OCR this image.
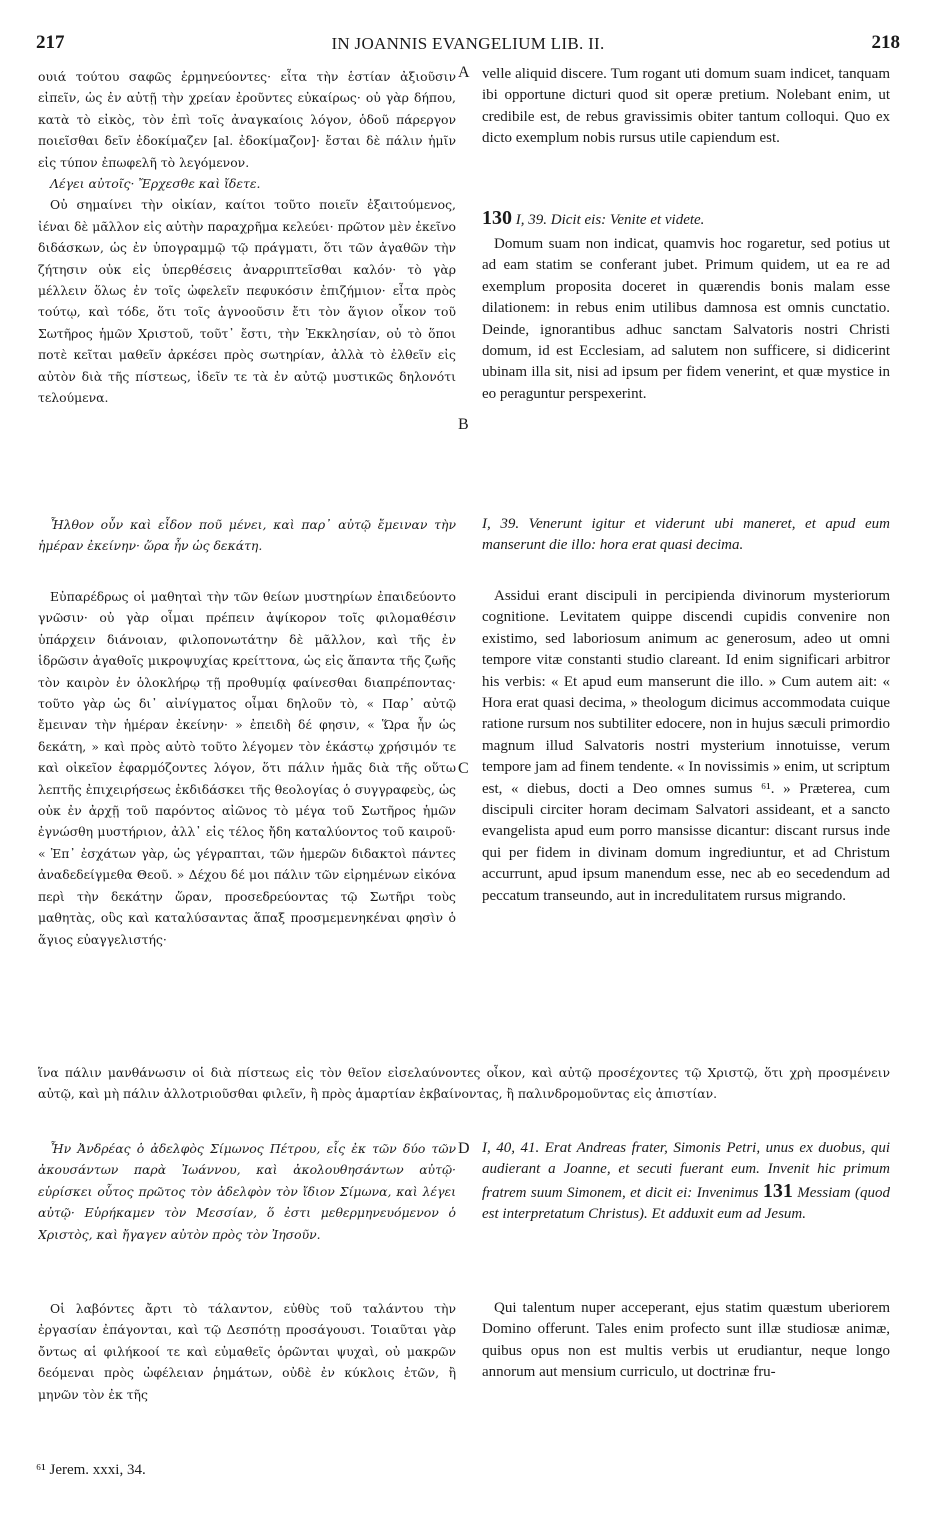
217	IN JOANNIS EVANGELIUM LIB. II.	218
A
B
C
D

ουιά τούτου σαφῶς ἑρμηνεύοντες· εἶτα τὴν ἑστίαν ἀξιοῦσιν εἰπεῖν, ὡς ἐν αὐτῇ τὴν χρείαν ἐροῦντες εὐκαίρως· οὐ γὰρ δήπου, κατὰ τὸ εἰκὸς, τὸν ἐπὶ τοῖς ἀναγκαίοις λόγον, ὁδοῦ πάρεργον ποιεῖσθαι δεῖν ἐδοκίμαζεν [al. ἐδοκίμαζον]· ἔσται δὲ πάλιν ἡμῖν εἰς τύπον ἐπωφελῆ τὸ λεγόμενον.

Λέγει αὐτοῖς· Ἔρχεσθε καὶ ἴδετε.

Οὐ σημαίνει τὴν οἰκίαν, καίτοι τοῦτο ποιεῖν ἐξαιτούμενος, ἰέναι δὲ μᾶλλον εἰς αὐτὴν παραχρῆμα κελεύει· πρῶτον μὲν ἐκεῖνο διδάσκων, ὡς ἐν ὑπογραμμῷ τῷ πράγματι, ὅτι τῶν ἀγαθῶν τὴν ζήτησιν οὐκ εἰς ὑπερθέσεις ἀναρριπτεῖσθαι καλόν· τὸ γὰρ μέλλειν ὅλως ἐν τοῖς ὠφελεῖν πεφυκόσιν ἐπιζήμιον· εἶτα πρὸς τούτῳ, καὶ τόδε, ὅτι τοῖς ἀγνοοῦσιν ἔτι τὸν ἅγιον οἶκον τοῦ Σωτῆρος ἡμῶν Χριστοῦ, τοῦτ᾽ ἔστι, τὴν Ἐκκλησίαν, οὐ τὸ ὅποι ποτὲ κεῖται μαθεῖν ἀρκέσει πρὸς σωτηρίαν, ἀλλὰ τὸ ἐλθεῖν εἰς αὐτὸν διὰ τῆς πίστεως, ἰδεῖν τε τὰ ἐν αὐτῷ μυστικῶς δηλονότι τελούμενα.

Ἦλθον οὖν καὶ εἶδον ποῦ μένει, καὶ παρ᾽ αὐτῷ ἔμειναν τὴν ἡμέραν ἐκείνην· ὥρα ἦν ὡς δεκάτη.

Εὐπαρέδρως οἱ μαθηταὶ τὴν τῶν θείων μυστηρίων ἐπαιδεύοντο γνῶσιν· οὐ γὰρ οἶμαι πρέπειν ἀψίκορον τοῖς φιλομαθέσιν ὑπάρχειν διάνοιαν, φιλοπονωτάτην δὲ μᾶλλον, καὶ τῆς ἐν ἱδρῶσιν ἀγαθοῖς μικροψυχίας κρείττονα, ὡς εἰς ἅπαντα τῆς ζωῆς τὸν καιρὸν ἐν ὁλοκλήρῳ τῇ προθυμίᾳ φαίνεσθαι διαπρέποντας· τοῦτο γὰρ ὡς δι᾽ αἰνίγματος οἶμαι δηλοῦν τὸ, « Παρ᾽ αὐτῷ ἔμειναν τὴν ἡμέραν ἐκείνην· » ἐπειδὴ δέ φησιν, « Ὥρα ἦν ὡς δεκάτη, » καὶ πρὸς αὐτὸ τοῦτο λέγομεν τὸν ἑκάστῳ χρήσιμόν τε καὶ οἰκεῖον ἐφαρμόζοντες λόγον, ὅτι πάλιν ἡμᾶς διὰ τῆς οὕτω λεπτῆς ἐπιχειρήσεως ἐκδιδάσκει τῆς θεολογίας ὁ συγγραφεὺς, ὡς οὐκ ἐν ἀρχῇ τοῦ παρόντος αἰῶνος τὸ μέγα τοῦ Σωτῆρος ἡμῶν ἐγνώσθη μυστήριον, ἀλλ᾽ εἰς τέλος ἤδη καταλύοντος τοῦ καιροῦ· « Ἐπ᾽ ἐσχάτων γὰρ, ὡς γέγραπται, τῶν ἡμερῶν διδακτοὶ πάντες ἀναδεδείγμεθα Θεοῦ. » Δέχου δέ μοι πάλιν τῶν εἰρημένων εἰκόνα περὶ τὴν δεκάτην ὥραν, προσεδρεύοντας τῷ Σωτῆρι τοὺς μαθητὰς, οὓς καὶ καταλύσαντας ἅπαξ προσμεμενηκέναι φησὶν ὁ ἅγιος εὐαγγελιστής·

ἵνα πάλιν μανθάνωσιν οἱ διὰ πίστεως εἰς τὸν θεῖον εἰσελαύνοντες οἶκον, καὶ αὐτῷ προσέχοντες τῷ Χριστῷ, ὅτι χρὴ προσμένειν αὐτῷ, καὶ μὴ πάλιν ἀλλοτριοῦσθαι φιλεῖν, ἢ πρὸς ἁμαρτίαν ἐκβαίνοντας, ἢ παλινδρομοῦντας εἰς ἀπιστίαν.

Ἦν Ἀνδρέας ὁ ἀδελφὸς Σίμωνος Πέτρου, εἷς ἐκ τῶν δύο τῶν ἀκουσάντων παρὰ Ἰωάννου, καὶ ἀκολουθησάντων αὐτῷ· εὑρίσκει οὗτος πρῶτος τὸν ἀδελφὸν τὸν ἴδιον Σίμωνα, καὶ λέγει αὐτῷ· Εὑρήκαμεν τὸν Μεσσίαν, ὅ ἐστι μεθερμηνευόμενον ὁ Χριστὸς, καὶ ἤγαγεν αὐτὸν πρὸς τὸν Ἰησοῦν.

Οἱ λαβόντες ἄρτι τὸ τάλαντον, εὐθὺς τοῦ ταλάντου τὴν ἐργασίαν ἐπάγονται, καὶ τῷ Δεσπότῃ προσάγουσι. Τοιαῦται γὰρ ὄντως αἱ φιλήκοοί τε καὶ εὐμαθεῖς ὁρῶνται ψυχαὶ, οὐ μακρῶν δεόμεναι πρὸς ὠφέλειαν ῥημάτων, οὐδὲ ἐν κύκλοις ἐτῶν, ἢ μηνῶν τὸν ἐκ τῆς

velle aliquid discere. Tum rogant uti domum suam indicet, tanquam ibi opportune dicturi quod sit operæ pretium. Nolebant enim, ut credibile est, de rebus gravissimis obiter tantum colloqui. Quo ex dicto exemplum nobis rursus utile capiendum est.

130 I, 39. Dicit eis: Venite et videte.

Domum suam non indicat, quamvis hoc rogaretur, sed potius ut ad eam statim se conferant jubet. Primum quidem, ut ea re ad exemplum proposita doceret in quærendis bonis malam esse dilationem: in rebus enim utilibus damnosa est omnis cunctatio. Deinde, ignorantibus adhuc sanctam Salvatoris nostri Christi domum, id est Ecclesiam, ad salutem non sufficere, si didicerint ubinam illa sit, nisi ad ipsum per fidem venerint, et quæ mystice in eo peraguntur perspexerint.

I, 39. Venerunt igitur et viderunt ubi maneret, et apud eum manserunt die illo: hora erat quasi decima.

Assidui erant discipuli in percipienda divinorum mysteriorum cognitione. Levitatem quippe discendi cupidis convenire non existimo, sed laboriosum animum ac generosum, adeo ut omni tempore vitæ constanti studio clareant. Id enim significari arbitror his verbis: « Et apud eum manserunt die illo. » Cum autem ait: « Hora erat quasi decima, » theologum dicimus accommodata cuique ratione rursum nos subtiliter edocere, non in hujus sæculi primordio magnum illud Salvatoris nostri mysterium innotuisse, verum tempore jam ad finem tendente. « In novissimis » enim, ut scriptum est, « diebus, docti a Deo omnes sumus ⁶¹. » Præterea, cum discipuli circiter horam decimam Salvatori assideant, et a sancto evangelista apud eum porro mansisse dicantur: discant rursus inde qui per fidem in divinam domum ingrediuntur, et ad Christum accurrunt, apud ipsum manendum esse, nec ab eo secedendum ad peccatum transeundo, aut in incredulitatem rursus migrando.

I, 40, 41. Erat Andreas frater, Simonis Petri, unus ex duobus, qui audierant a Joanne, et secuti fuerant eum. Invenit hic primum fratrem suum Simonem, et dicit ei: Invenimus 131 Messiam (quod est interpretatum Christus). Et adduxit eum ad Jesum.

Qui talentum nuper acceperant, ejus statim quæstum uberiorem Domino offerunt. Tales enim profecto sunt illæ studiosæ animæ, quibus opus non est multis verbis ut erudiantur, neque longo annorum aut mensium curriculo, ut doctrinæ fru-

⁶¹ Jerem. xxxi, 34.
